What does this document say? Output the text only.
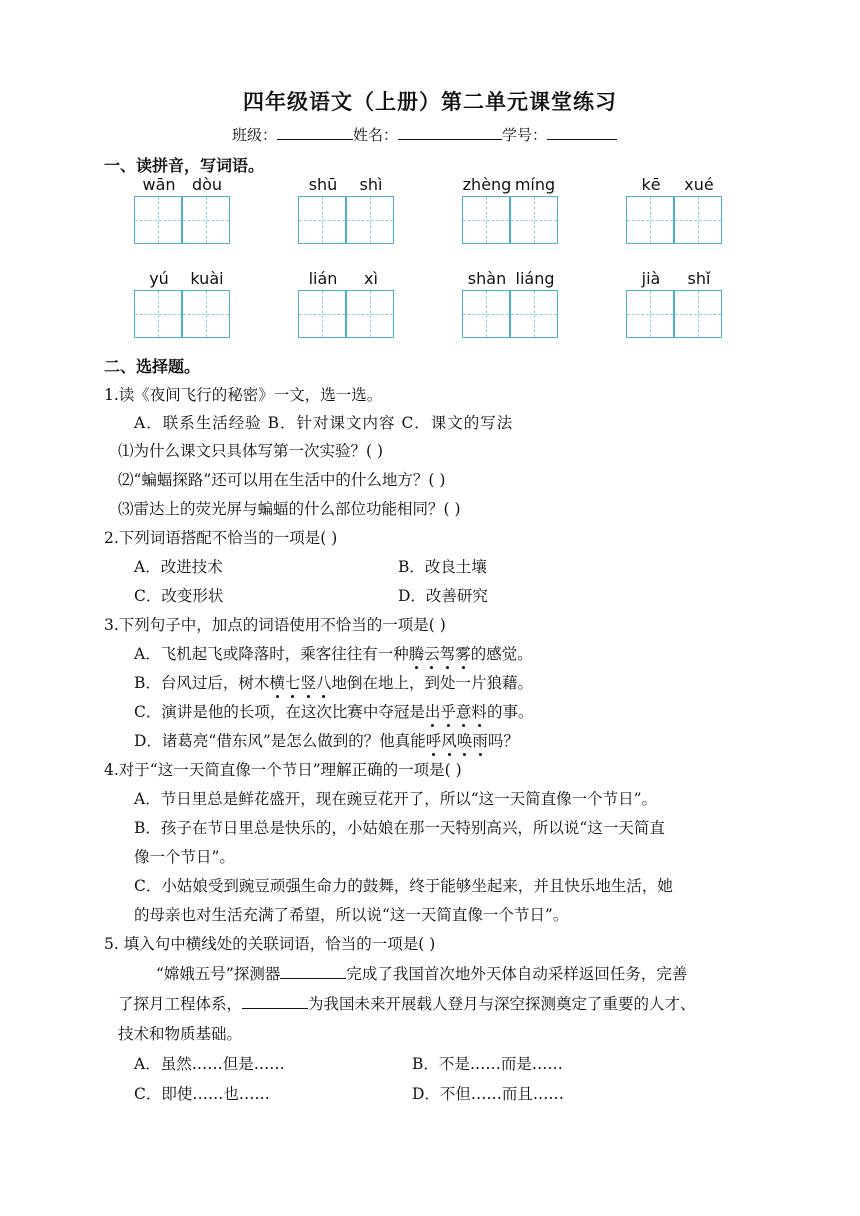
四年级语文（上册）第二单元课堂练习
班级：	姓名：	学号：
一、读拼音，写词语。
wān	dòu	shū	shì	zhèng míng	kē	xué
yú	kuài	lián	xì	shàn liáng	jià	shǐ
二、选择题。
1.读《夜间飞行的秘密》一文，选一选。
A．联系生活经验 B．针对课文内容 C．课文的写法
⑴为什么课文只具体写第一次实验？( )
⑵“蝙蝠探路”还可以用在生活中的什么地方？( )
⑶雷达上的荧光屏与蝙蝠的什么部位功能相同？( )
2.下列词语搭配不恰当的一项是( )
A．改进技术	B．改良土壤
C．改变形状	D．改善研究
3.下列句子中，加点的词语使用不恰当的一项是( )
A．飞机起飞或降落时，乘客往往有一种腾云驾雾的感觉。
B．台风过后，树木横七竖八地倒在地上，到处一片狼藉。
C．演讲是他的长项，在这次比赛中夺冠是出乎意料的事。
D．诸葛亮“借东风”是怎么做到的？他真能呼风唤雨吗？
4.对于“这一天简直像一个节日”理解正确的一项是( )
A．节日里总是鲜花盛开，现在豌豆花开了，所以“这一天简直像一个节日”。
B．孩子在节日里总是快乐的，小姑娘在那一天特别高兴，所以说“这一天简直
像一个节日”。
C．小姑娘受到豌豆顽强生命力的鼓舞，终于能够坐起来，并且快乐地生活，她
的母亲也对生活充满了希望，所以说“这一天简直像一个节日”。
5. 填入句中横线处的关联词语，恰当的一项是( )
“嫦娥五号”探测器	完成了我国首次地外天体自动采样返回任务，完善
了探月工程体系，	为我国未来开展载人登月与深空探测奠定了重要的人才、
技术和物质基础。
A．虽然……但是……	B．不是……而是……
C．即使……也……	D．不但……而且……
